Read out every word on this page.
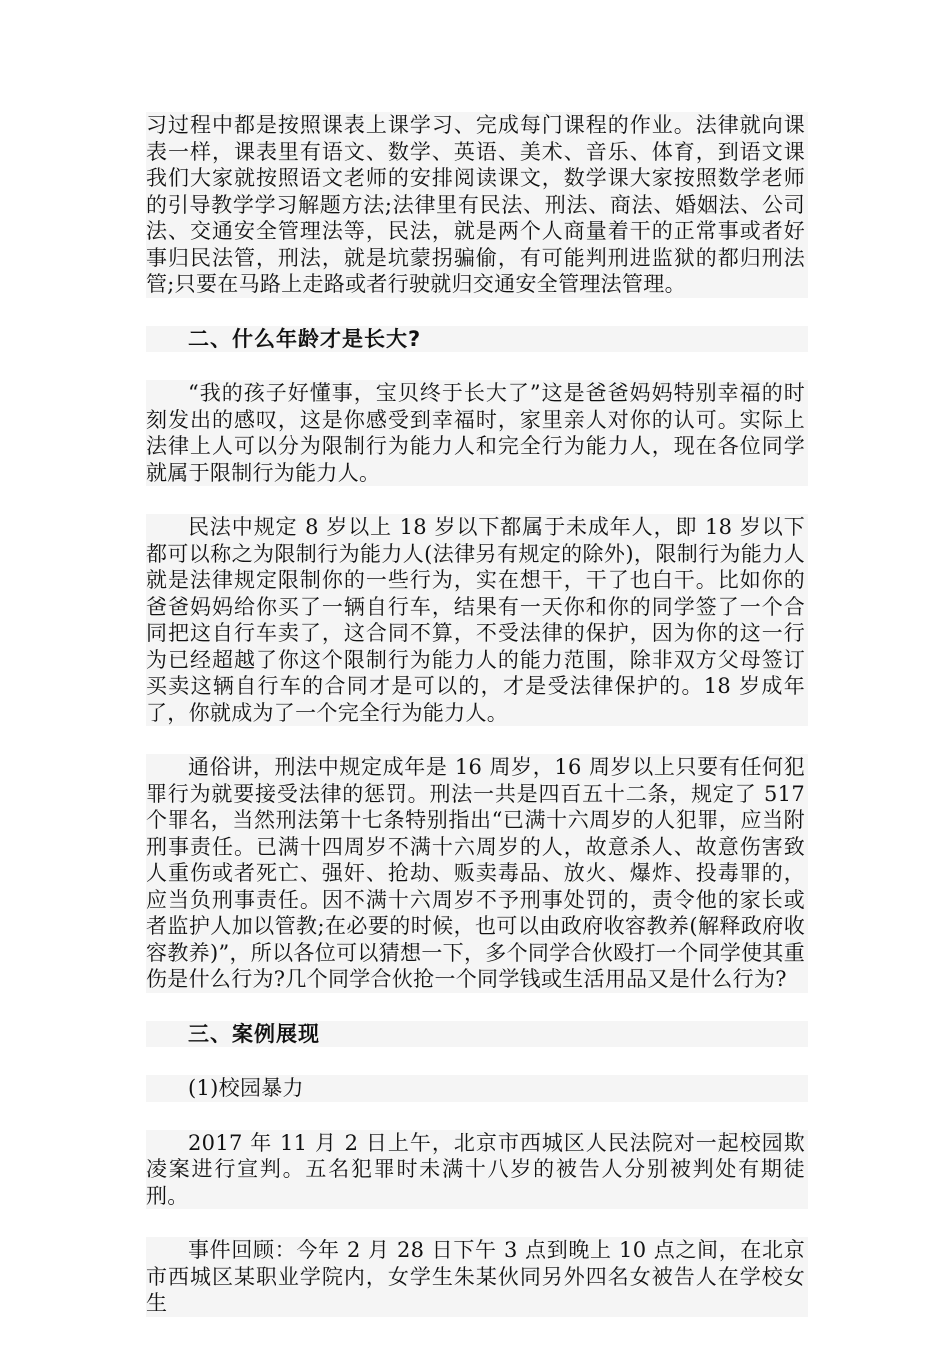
习过程中都是按照课表上课学习、完成每门课程的作业。法律就向课表一样，课表里有语文、数学、英语、美术、音乐、体育，到语文课我们大家就按照语文老师的安排阅读课文，数学课大家按照数学老师的引导教学学习解题方法;法律里有民法、刑法、商法、婚姻法、公司法、交通安全管理法等，民法，就是两个人商量着干的正常事或者好事归民法管，刑法，就是坑蒙拐骗偷，有可能判刑进监狱的都归刑法管;只要在马路上走路或者行驶就归交通安全管理法管理。

二、什么年龄才是长大?

“我的孩子好懂事，宝贝终于长大了”这是爸爸妈妈特别幸福的时刻发出的感叹，这是你感受到幸福时，家里亲人对你的认可。实际上法律上人可以分为限制行为能力人和完全行为能力人，现在各位同学就属于限制行为能力人。

民法中规定 8 岁以上 18 岁以下都属于未成年人，即 18 岁以下都可以称之为限制行为能力人(法律另有规定的除外)，限制行为能力人就是法律规定限制你的一些行为，实在想干，干了也白干。比如你的爸爸妈妈给你买了一辆自行车，结果有一天你和你的同学签了一个合同把这自行车卖了，这合同不算，不受法律的保护，因为你的这一行为已经超越了你这个限制行为能力人的能力范围，除非双方父母签订买卖这辆自行车的合同才是可以的，才是受法律保护的。18 岁成年了，你就成为了一个完全行为能力人。

通俗讲，刑法中规定成年是 16 周岁，16 周岁以上只要有任何犯罪行为就要接受法律的惩罚。刑法一共是四百五十二条，规定了 517 个罪名，当然刑法第十七条特别指出“已满十六周岁的人犯罪，应当附刑事责任。已满十四周岁不满十六周岁的人，故意杀人、故意伤害致人重伤或者死亡、强奸、抢劫、贩卖毒品、放火、爆炸、投毒罪的，应当负刑事责任。因不满十六周岁不予刑事处罚的，责令他的家长或者监护人加以管教;在必要的时候，也可以由政府收容教养(解释政府收容教养)”，所以各位可以猜想一下，多个同学合伙殴打一个同学使其重伤是什么行为?几个同学合伙抢一个同学钱或生活用品又是什么行为?

三、案例展现

(1)校园暴力

2017 年 11 月 2 日上午，北京市西城区人民法院对一起校园欺凌案进行宣判。五名犯罪时未满十八岁的被告人分别被判处有期徒刑。

事件回顾：今年 2 月 28 日下午 3 点到晚上 10 点之间，在北京市西城区某职业学院内，女学生朱某伙同另外四名女被告人在学校女生
